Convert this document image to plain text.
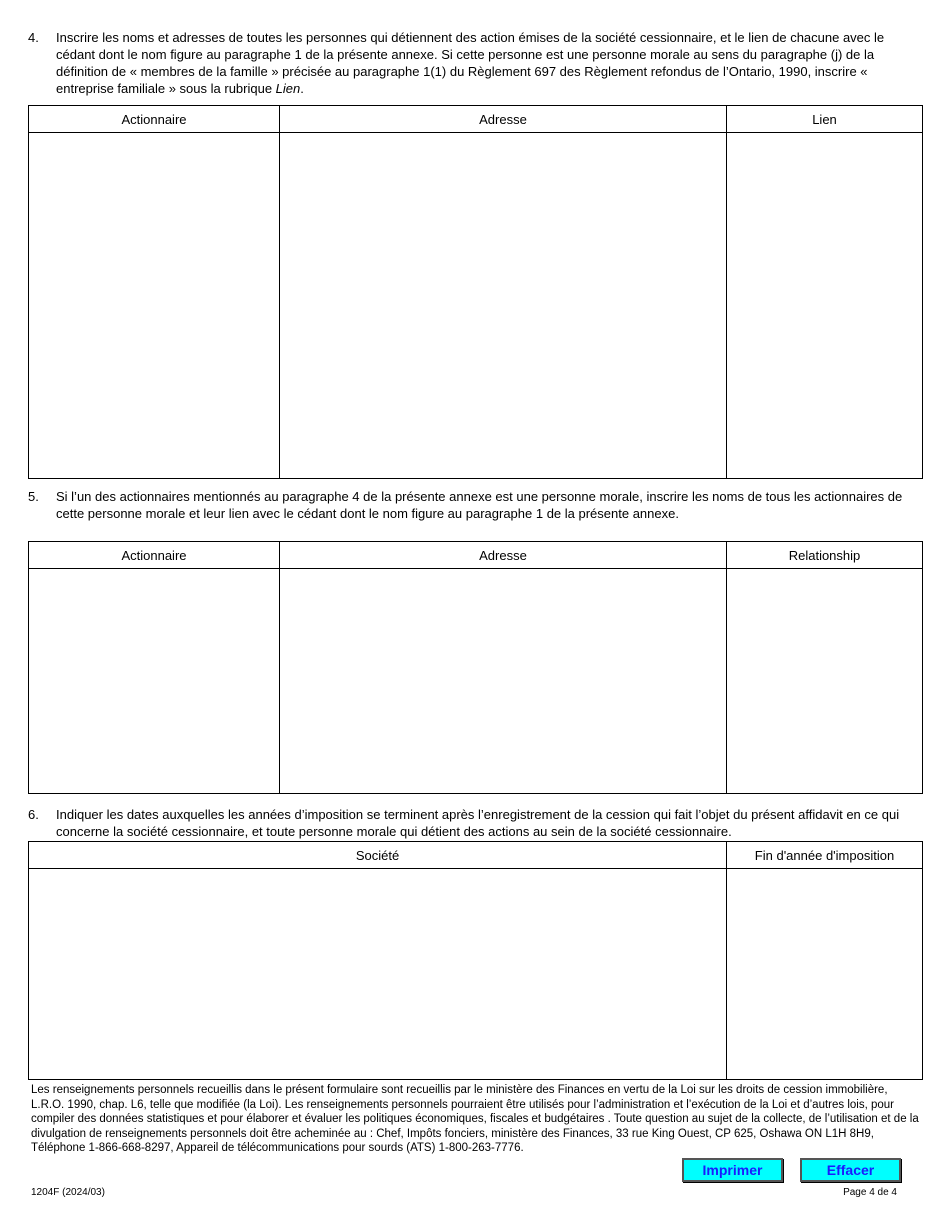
4. Inscrire les noms et adresses de toutes les personnes qui détiennent des action émises de la société cessionnaire, et le lien de chacune avec le cédant dont le nom figure au paragraphe 1 de la présente annexe. Si cette personne est une personne morale au sens du paragraphe (j) de la définition de « membres de la famille » précisée au paragraphe 1(1) du Règlement 697 des Règlement refondus de l’Ontario, 1990, inscrire « entreprise familiale » sous la rubrique Lien.
Actionnaire	Adresse	Lien
5. Si l’un des actionnaires mentionnés au paragraphe 4 de la présente annexe est une personne morale, inscrire les noms de tous les actionnaires de cette personne morale et leur lien avec le cédant dont le nom figure au paragraphe 1 de la présente annexe.
Actionnaire	Adresse	Relationship
6. Indiquer les dates auxquelles les années d’imposition se terminent après l’enregistrement de la cession qui fait l’objet du présent affidavit en ce qui concerne la société cessionnaire, et toute personne morale qui détient des actions au sein de la société cessionnaire.
Société	Fin d'année d'imposition
Les renseignements personnels recueillis dans le présent formulaire sont recueillis par le ministère des Finances en vertu de la Loi sur les droits de cession immobilière, L.R.O. 1990, chap. L6, telle que modifiée (la Loi). Les renseignements personnels pourraient être utilisés pour l’administration et l’exécution de la Loi et d’autres lois, pour compiler des données statistiques et pour élaborer et évaluer les politiques économiques, fiscales et budgétaires . Toute question au sujet de la collecte, de l’utilisation et de la divulgation de renseignements personnels doit être acheminée au : Chef, Impôts fonciers, ministère des Finances, 33 rue King Ouest, CP 625, Oshawa ON L1H 8H9, Téléphone 1-866-668-8297, Appareil de télécommunications pour sourds (ATS) 1-800-263-7776.
Imprimer	Effacer
1204F (2024/03)	Page 4 de 4
